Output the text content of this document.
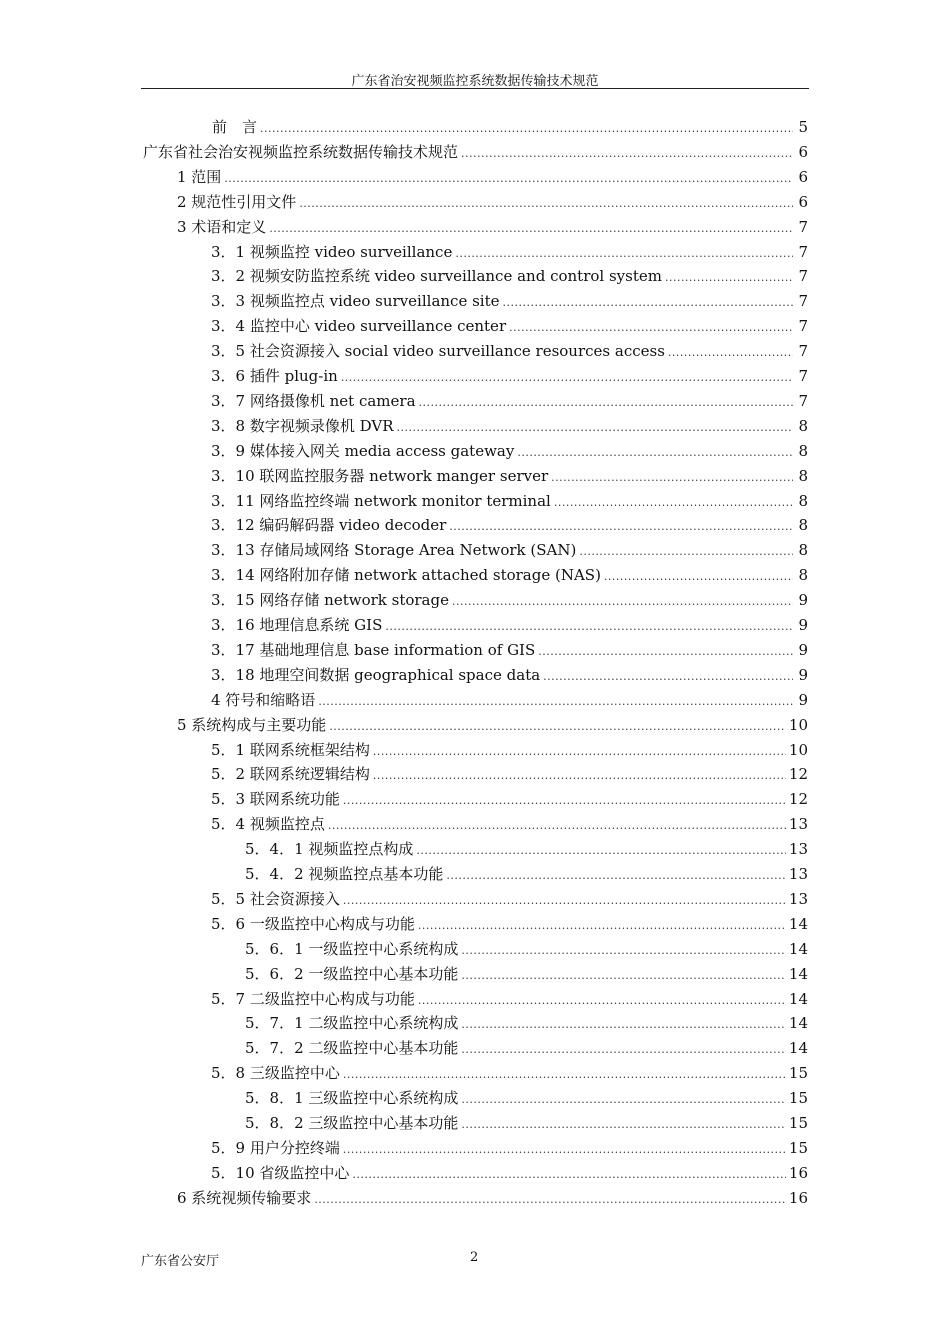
广东省治安视频监控系统数据传输技术规范
前　言 .....	5
广东省社会治安视频监控系统数据传输技术规范 .....	6
1 范围 .....	6
2 规范性引用文件 .....	6
3 术语和定义 .....	7
3．1 视频监控 video surveillance .....	7
3．2 视频安防监控系统 video surveillance and control system .....	7
3．3 视频监控点 video surveillance site .....	7
3．4 监控中心 video surveillance center .....	7
3．5 社会资源接入 social video surveillance resources access .....	7
3．6 插件 plug-in .....	7
3．7 网络摄像机 net camera .....	7
3．8 数字视频录像机 DVR .....	8
3．9 媒体接入网关 media access gateway .....	8
3．10 联网监控服务器 network manger server .....	8
3．11 网络监控终端 network monitor terminal .....	8
3．12 编码解码器 video decoder .....	8
3．13 存储局域网络 Storage Area Network (SAN) .....	8
3．14 网络附加存储 network attached storage (NAS) .....	8
3．15 网络存储 network storage .....	9
3．16 地理信息系统 GIS .....	9
3．17 基础地理信息 base information of GIS .....	9
3．18 地理空间数据 geographical space data .....	9
4 符号和缩略语 .....	9
5 系统构成与主要功能 .....	10
5．1 联网系统框架结构 .....	10
5．2 联网系统逻辑结构 .....	12
5．3 联网系统功能 .....	12
5．4 视频监控点 .....	13
5．4．1 视频监控点构成 .....	13
5．4．2 视频监控点基本功能 .....	13
5．5 社会资源接入 .....	13
5．6 一级监控中心构成与功能 .....	14
5．6．1 一级监控中心系统构成 .....	14
5．6．2 一级监控中心基本功能 .....	14
5．7 二级监控中心构成与功能 .....	14
5．7．1 二级监控中心系统构成 .....	14
5．7．2 二级监控中心基本功能 .....	14
5．8 三级监控中心 .....	15
5．8．1 三级监控中心系统构成 .....	15
5．8．2 三级监控中心基本功能 .....	15
5．9 用户分控终端 .....	15
5．10 省级监控中心 .....	16
6 系统视频传输要求 .....	16
广东省公安厅	2
